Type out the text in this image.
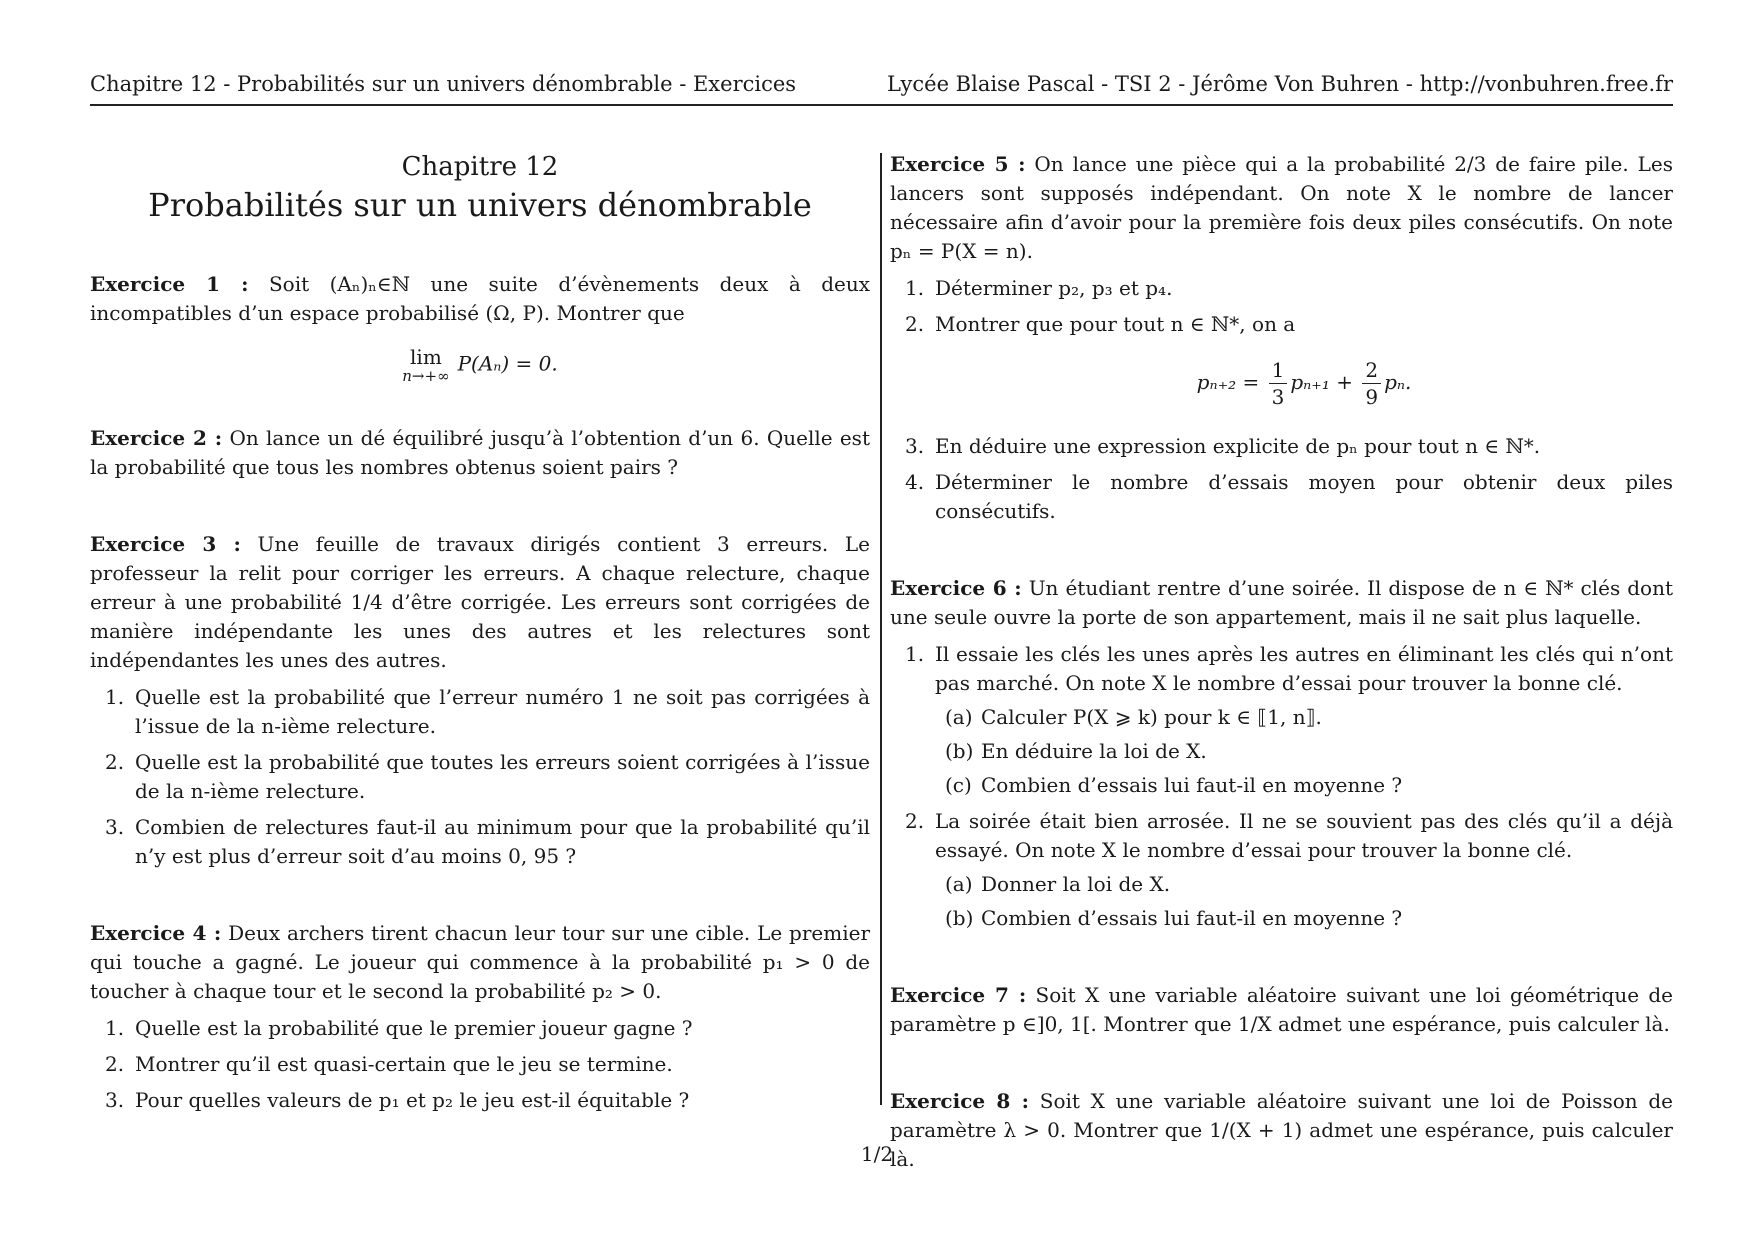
Chapitre 12 - Probabilités sur un univers dénombrable - Exercices	Lycée Blaise Pascal - TSI 2 - Jérôme Von Buhren - http://vonbuhren.free.fr
Chapitre 12
Probabilités sur un univers dénombrable

Exercice 1 : Soit (Aₙ)ₙ∈ℕ une suite d’évènements deux à deux incompatibles d’un espace probabilisé (Ω, P). Montrer que

lim
n→+∞
P(Aₙ) = 0.

Exercice 2 : On lance un dé équilibré jusqu’à l’obtention d’un 6. Quelle est la probabilité que tous les nombres obtenus soient pairs ?

Exercice 3 : Une feuille de travaux dirigés contient 3 erreurs. Le professeur la relit pour corriger les erreurs. A chaque relecture, chaque erreur à une probabilité 1/4 d’être corrigée. Les erreurs sont corrigées de manière indépendante les unes des autres et les relectures sont indépendantes les unes des autres.

1. Quelle est la probabilité que l’erreur numéro 1 ne soit pas corrigées à l’issue de la n-ième relecture.
2. Quelle est la probabilité que toutes les erreurs soient corrigées à l’issue de la n-ième relecture.
3. Combien de relectures faut-il au minimum pour que la probabilité qu’il n’y est plus d’erreur soit d’au moins 0, 95 ?

Exercice 4 : Deux archers tirent chacun leur tour sur une cible. Le premier qui touche a gagné. Le joueur qui commence à la probabilité p₁ > 0 de toucher à chaque tour et le second la probabilité p₂ > 0.

1. Quelle est la probabilité que le premier joueur gagne ?
2. Montrer qu’il est quasi-certain que le jeu se termine.
3. Pour quelles valeurs de p₁ et p₂ le jeu est-il équitable ?

Exercice 5 : On lance une pièce qui a la probabilité 2/3 de faire pile. Les lancers sont supposés indépendant. On note X le nombre de lancer nécessaire afin d’avoir pour la première fois deux piles consécutifs. On note pₙ = P(X = n).

1. Déterminer p₂, p₃ et p₄.
2. Montrer que pour tout n ∈ ℕ*, on a
$p_{n+2} = \frac{1}{3} p_{n+1} + \frac{2}{9} p_n$.
3. En déduire une expression explicite de pₙ pour tout n ∈ ℕ*.
4. Déterminer le nombre d’essais moyen pour obtenir deux piles consécutifs.

Exercice 6 : Un étudiant rentre d’une soirée. Il dispose de n ∈ ℕ* clés dont une seule ouvre la porte de son appartement, mais il ne sait plus laquelle.

1. Il essaie les clés les unes après les autres en éliminant les clés qui n’ont pas marché. On note X le nombre d’essai pour trouver la bonne clé.
(a) Calculer P(X ⩾ k) pour k ∈ ⟦1, n⟧.
(b) En déduire la loi de X.
(c) Combien d’essais lui faut-il en moyenne ?
2. La soirée était bien arrosée. Il ne se souvient pas des clés qu’il a déjà essayé. On note X le nombre d’essai pour trouver la bonne clé.
(a) Donner la loi de X.
(b) Combien d’essais lui faut-il en moyenne ?

Exercice 7 : Soit X une variable aléatoire suivant une loi géométrique de paramètre p ∈]0, 1[. Montrer que 1/X admet une espérance, puis calculer là.

Exercice 8 : Soit X une variable aléatoire suivant une loi de Poisson de paramètre λ > 0. Montrer que 1/(X + 1) admet une espérance, puis calculer là.

1/2
